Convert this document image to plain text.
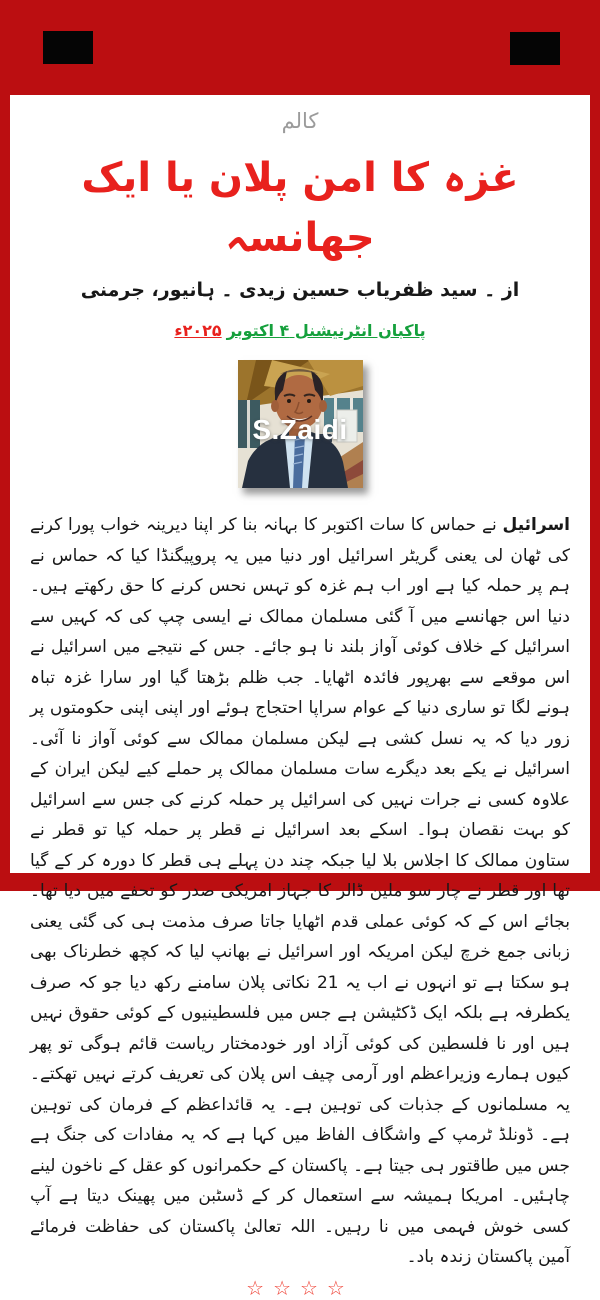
کالم
غزہ کا امن پلان یا ایک جھانسہ
از ۔ سید ظفریاب حسین زیدی ۔ ہانیور، جرمنی
پاکبان انٹرنیشنل ۴ اکتوبر۲۰۲۵ء
S.Zaidi
اسرائیل نے حماس کا سات اکتوبر کا بہانہ بنا کر اپنا دیرینہ خواب پورا کرنے کی ٹھان لی یعنی گریٹر اسرائیل اور دنیا میں یہ پروپیگنڈا کیا کہ حماس نے ہم پر حملہ کیا ہے اور اب ہم غزہ کو تہس نحس کرنے کا حق رکھتے ہیں۔ دنیا اس جھانسے میں آ گئی مسلمان ممالک نے ایسی چپ کی کہ کہیں سے اسرائیل کے خلاف کوئی آواز بلند نا ہو جائے۔ جس کے نتیجے میں اسرائیل نے اس موقعے سے بھرپور فائدہ اٹھایا۔ جب ظلم بڑھتا گیا اور سارا غزہ تباہ ہونے لگا تو ساری دنیا کے عوام سراپا احتجاج ہوئے اور اپنی اپنی حکومتوں پر زور دیا کہ یہ نسل کشی ہے لیکن مسلمان ممالک سے کوئی آواز نا آئی۔ اسرائیل نے یکے بعد دیگرے سات مسلمان ممالک پر حملے کیے لیکن ایران کے علاوہ کسی نے جرات نہیں کی اسرائیل پر حملہ کرنے کی جس سے اسرائیل کو بہت نقصان ہوا۔ اسکے بعد اسرائیل نے قطر پر حملہ کیا تو قطر نے ستاون ممالک کا اجلاس بلا لیا جبکہ چند دن پہلے ہی قطر کا دورہ کر کے گیا تھا اور قطر نے چار سو ملین ڈالر کا جہاز امریکی صدر کو تحفے میں دیا تھا۔ بجائے اس کے کہ کوئی عملی قدم اٹھایا جاتا صرف مذمت ہی کی گئی یعنی زبانی جمع خرچ لیکن امریکہ اور اسرائیل نے بھانپ لیا کہ کچھ خطرناک بھی ہو سکتا ہے تو انہوں نے اب یہ 21 نکاتی پلان سامنے رکھ دیا جو کہ صرف یکطرفہ ہے بلکہ ایک ڈکٹیشن ہے جس میں فلسطینیوں کے کوئی حقوق نہیں ہیں اور نا فلسطین کی کوئی آزاد اور خودمختار ریاست قائم ہوگی تو پھر کیوں ہمارے وزیراعظم اور آرمی چیف اس پلان کی تعریف کرتے نہیں تھکتے۔ یہ مسلمانوں کے جذبات کی توہین ہے۔ یہ قائداعظم کے فرمان کی توہین ہے۔ ڈونلڈ ٹرمپ کے واشگاف الفاظ میں کہا ہے کہ یہ مفادات کی جنگ ہے جس میں طاقتور ہی جیتا ہے۔ پاکستان کے حکمرانوں کو عقل کے ناخون لینے چاہئیں۔ امریکا ہمیشہ سے استعمال کر کے ڈسٹبن میں پھینک دیتا ہے آپ کسی خوش فہمی میں نا رہیں۔ اللہ تعالیٰ پاکستان کی حفاظت فرمائے آمین پاکستان زندہ باد۔
☆☆☆☆
